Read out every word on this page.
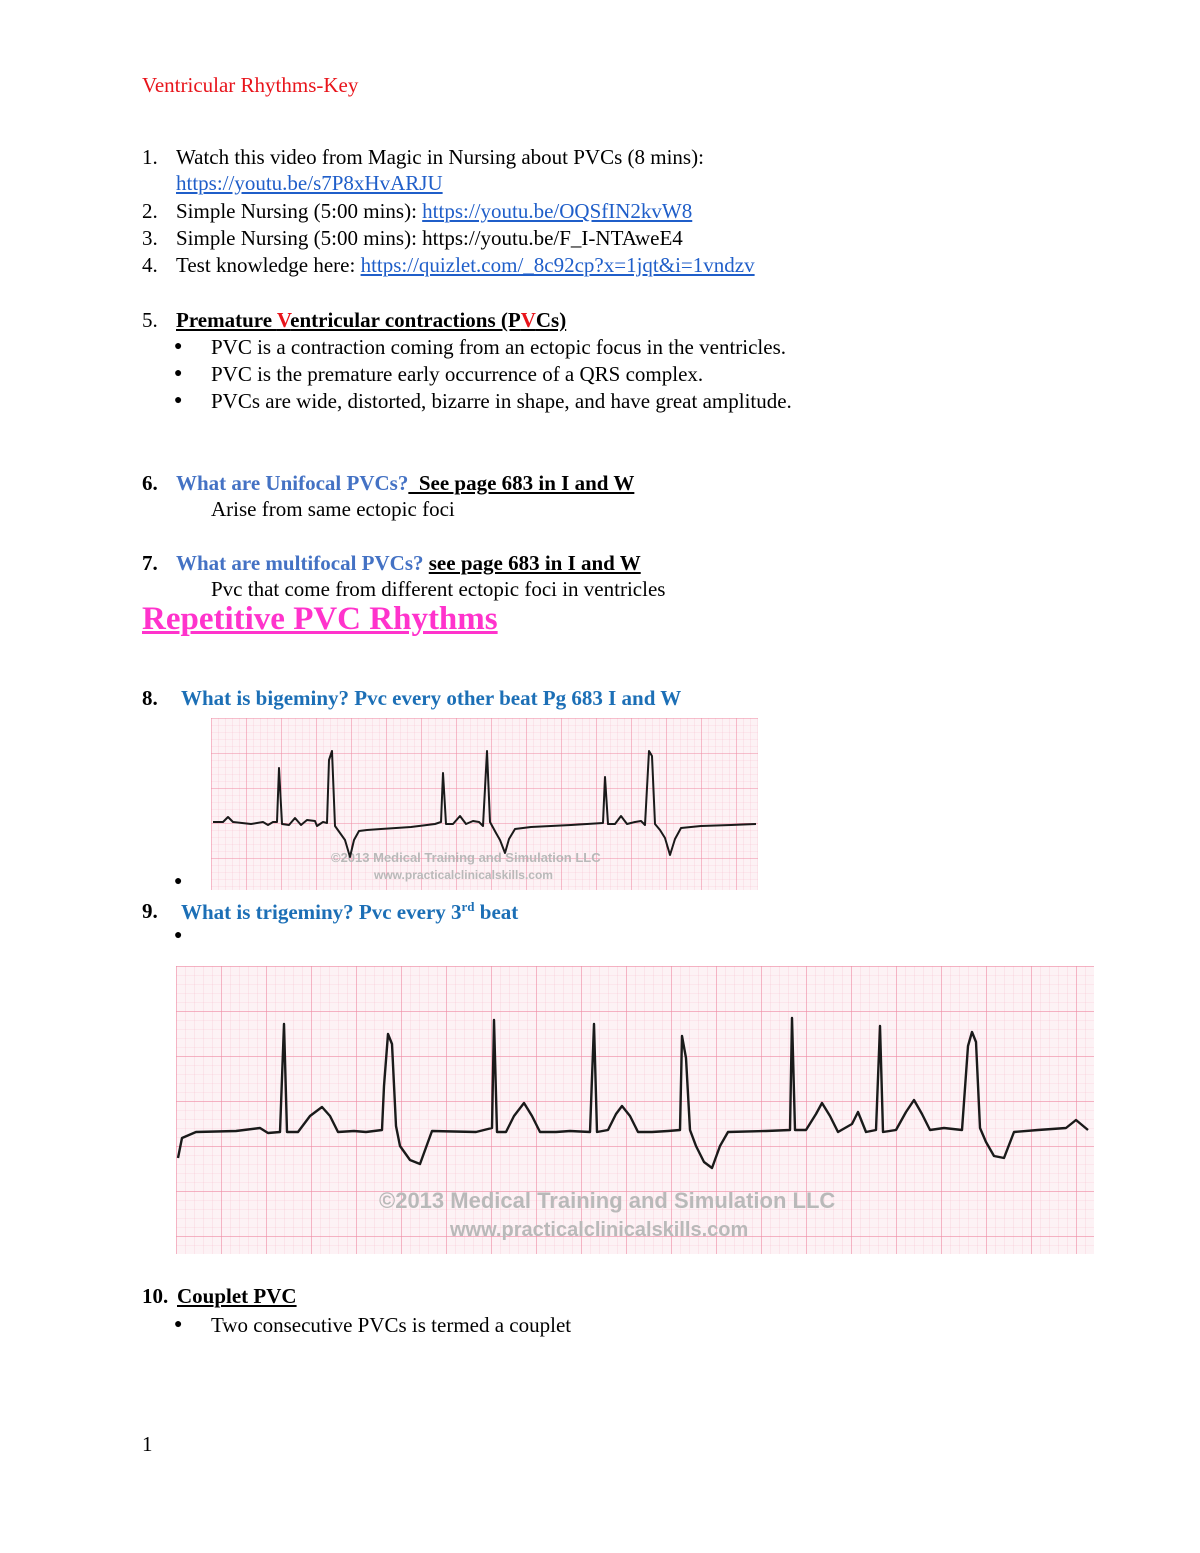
Ventricular Rhythms-Key
1. Watch this video from Magic in Nursing about PVCs (8 mins):
https://youtu.be/s7P8xHvARJU
2. Simple Nursing (5:00 mins): https://youtu.be/OQSfIN2kvW8
3. Simple Nursing (5:00 mins): https://youtu.be/F_I-NTAweE4
4. Test knowledge here: https://quizlet.com/_8c92cp?x=1jqt&i=1vndzv
5. Premature Ventricular contractions (PVCs)
● PVC is a contraction coming from an ectopic focus in the ventricles.
● PVC is the premature early occurrence of a QRS complex.
● PVCs are wide, distorted, bizarre in shape, and have great amplitude.
6. What are Unifocal PVCs?  See page 683 in I and W
Arise from same ectopic foci
7. What are multifocal PVCs? see page 683 in I and W
Pvc that come from different ectopic foci in ventricles
Repetitive PVC Rhythms
8. What is bigeminy? Pvc every other beat Pg 683 I and W
©2013 Medical Training and Simulation LLC
www.practicalclinicalskills.com
●
9. What is trigeminy? Pvc every 3rd beat
●
©2013 Medical Training and Simulation LLC
www.practicalclinicalskills.com
10. Couplet PVC
● Two consecutive PVCs is termed a couplet
1
